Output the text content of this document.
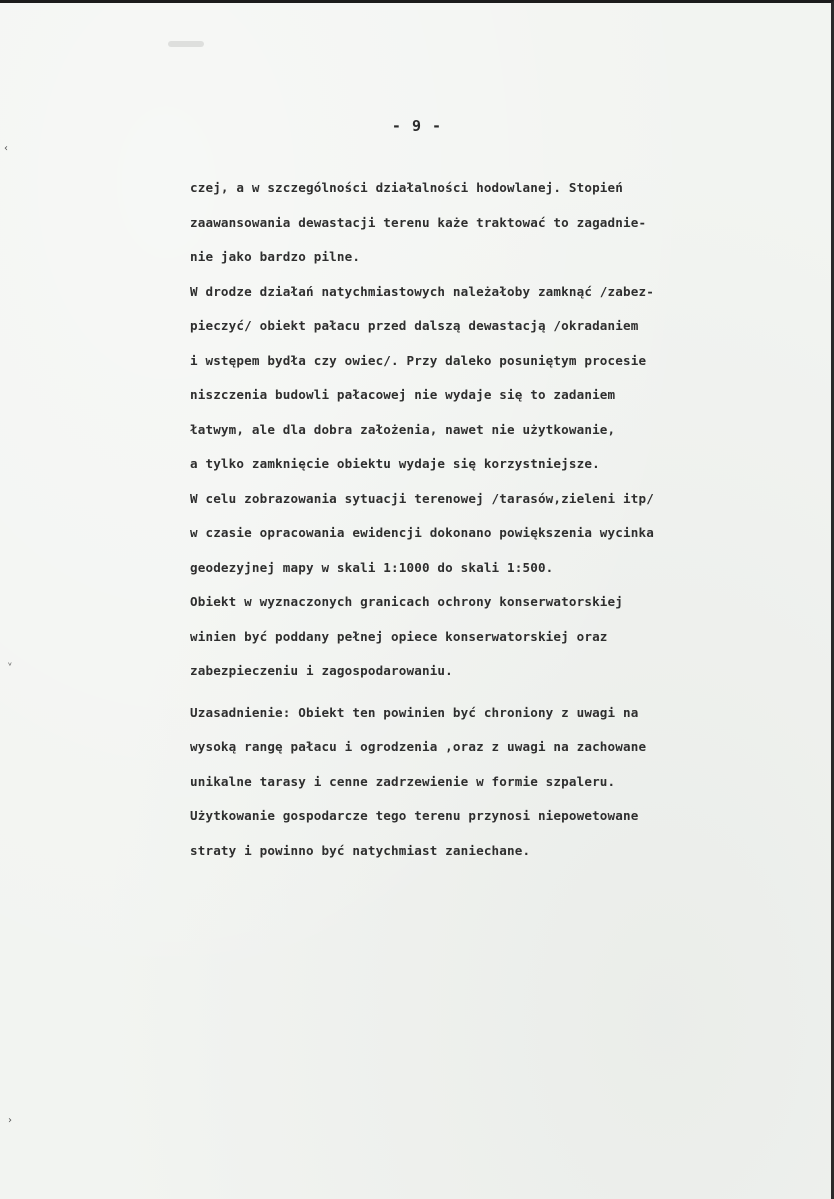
- 9 -
czej, a w szczególności działalności hodowlanej. Stopień
zaawansowania dewastacji terenu każe traktować to zagadnie-
nie jako bardzo pilne.
W drodze działań natychmiastowych należałoby zamknąć /zabez-
pieczyć/ obiekt pałacu przed dalszą dewastacją /okradaniem
i wstępem bydła czy owiec/. Przy daleko posuniętym procesie
niszczenia budowli pałacowej nie wydaje się to zadaniem
łatwym, ale dla dobra założenia, nawet nie użytkowanie,
a tylko zamknięcie obiektu wydaje się korzystniejsze.
W celu zobrazowania sytuacji terenowej /tarasów,zieleni itp/
w czasie opracowania ewidencji dokonano powiększenia wycinka
geodezyjnej mapy w skali 1:1000 do skali 1:500.
Obiekt w wyznaczonych granicach ochrony konserwatorskiej
winien być poddany pełnej opiece konserwatorskiej oraz
zabezpieczeniu i zagospodarowaniu.
Uzasadnienie: Obiekt ten powinien być chroniony z uwagi na
wysoką rangę pałacu i ogrodzenia ,oraz z uwagi na zachowane
unikalne tarasy i cenne zadrzewienie w formie szpaleru.
Użytkowanie gospodarcze tego terenu przynosi niepowetowane
straty i powinno być natychmiast zaniechane.
‹
ᵛ
›
